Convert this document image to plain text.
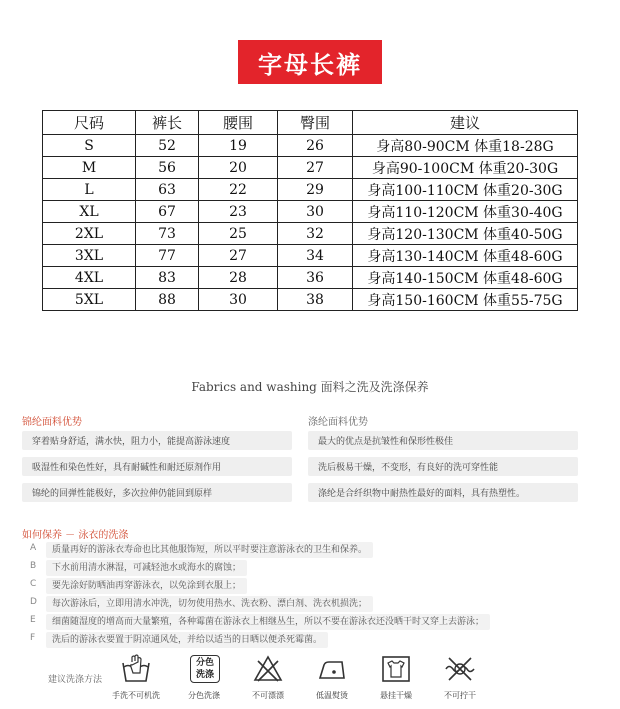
字母长裤
尺码	裤长	腰围	臀围	建议
S	52	19	26	身高80-90CM 体重18-28G
M	56	20	27	身高90-100CM 体重20-30G
L	63	22	29	身高100-110CM 体重20-30G
XL	67	23	30	身高110-120CM 体重30-40G
2XL	73	25	32	身高120-130CM 体重40-50G
3XL	77	27	34	身高130-140CM 体重48-60G
4XL	83	28	36	身高140-150CM 体重48-60G
5XL	88	30	38	身高150-160CM 体重55-75G
Fabrics and washing 面料之洗及洗涤保养
锦纶面料优势
穿着贴身舒适，满水快，阻力小，能提高游泳速度
吸湿性和染色性好，具有耐碱性和耐还原剂作用
锦纶的回弹性能极好，多次拉伸仍能回到原样
涤纶面料优势
最大的优点是抗皱性和保形性极佳
洗后极易干燥，不变形，有良好的洗可穿性能
涤纶是合纤织物中耐热性最好的面料，具有热塑性。
如何保养 － 泳衣的洗涤
A	质量再好的游泳衣寿命也比其他服饰短，所以平时要注意游泳衣的卫生和保养。
B	下水前用清水淋湿，可减轻池水或海水的腐蚀；
C	要先涂好防晒油再穿游泳衣，以免涂到衣服上；
D	每次游泳后，立即用清水冲洗，切勿使用热水、洗衣粉、漂白剂、洗衣机损洗；
E	细菌随湿度的增高而大量繁殖，各种霉菌在游泳衣上相继丛生，所以不要在游泳衣还没晒干时又穿上去游泳；
F	洗后的游泳衣要置于阴凉通风处，并给以适当的日晒以便杀死霉菌。
建议洗涤方法
手洗不可机洗
分色
洗涤
分色洗涤	不可漂漂	低温熨烫	悬挂干燥	不可拧干
